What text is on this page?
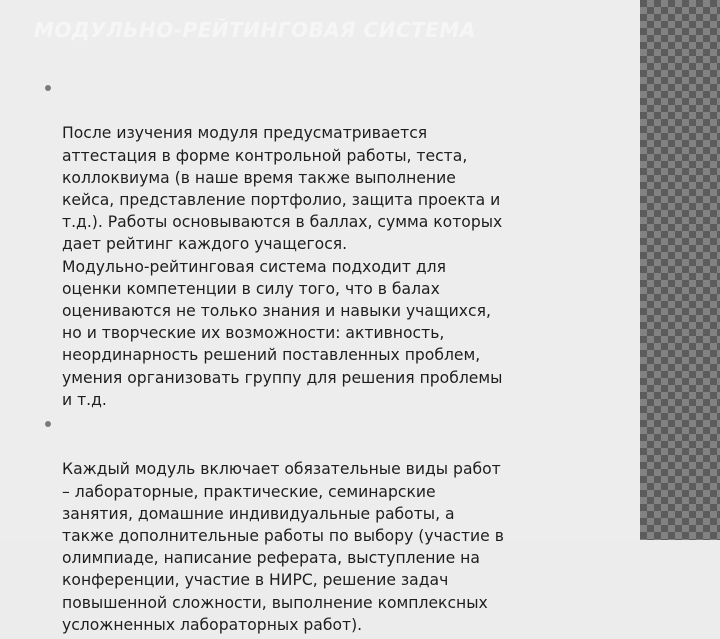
МОДУЛЬНО-РЕЙТИНГОВАЯ СИСТЕМА

После изучения модуля предусматривается
аттестация в форме контрольной работы, теста,
коллоквиума (в наше время также выполнение
кейса, представление портфолио, защита проекта и
т.д.). Работы основываются в баллах, сумма которых
дает рейтинг каждого учащегося.
Модульно-рейтинговая система подходит для
оценки компетенции в силу того, что в балах
оцениваются не только знания и навыки учащихся,
но и творческие их возможности: активность,
неординарность решений поставленных проблем,
умения организовать группу для решения проблемы
и т.д.

Каждый модуль включает обязательные виды работ
– лабораторные, практические, семинарские
занятия, домашние индивидуальные работы, а
также дополнительные работы по выбору (участие в
олимпиаде, написание реферата, выступление на
конференции, участие в НИРС, решение задач
повышенной сложности, выполнение комплексных
усложненных лабораторных работ).
